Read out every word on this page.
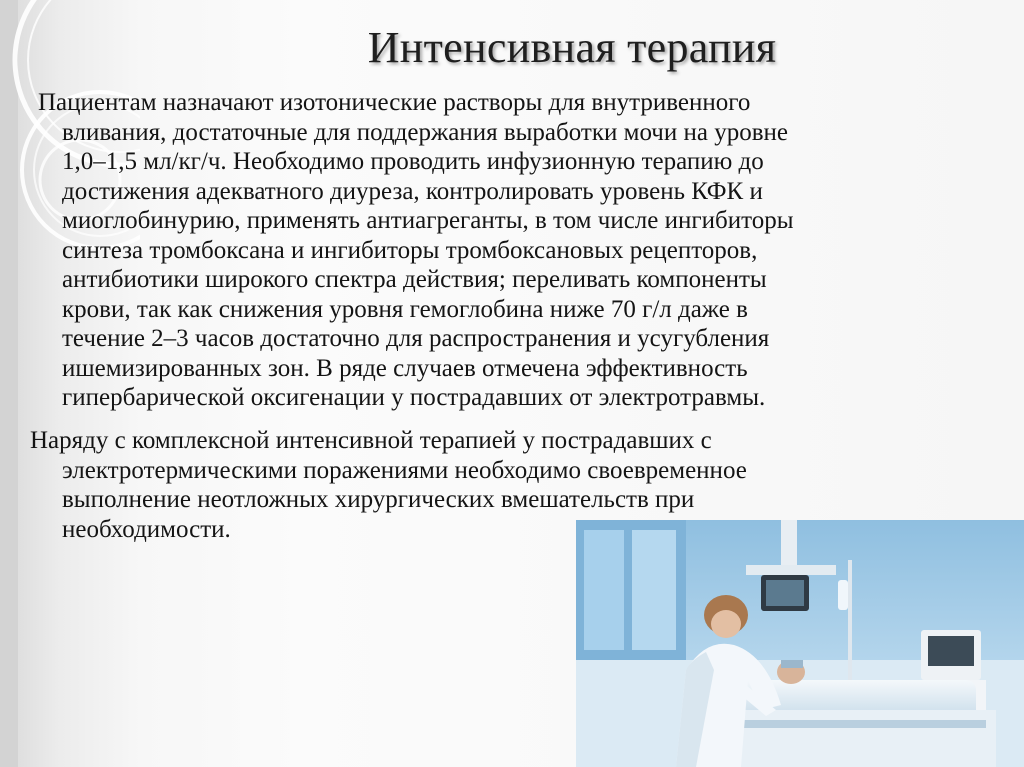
Интенсивная терапия
Пациентам назначают изотонические растворы для внутривенного
вливания, достаточные для поддержания выработки мочи на уровне
1,0–1,5 мл/кг/ч. Необходимо проводить инфузионную терапию до
достижения адекватного диуреза, контролировать уровень КФК и
миоглобинурию, применять антиагреганты, в том числе ингибиторы
синтеза тромбоксана и ингибиторы тромбоксановых рецепторов,
антибиотики широкого спектра действия; переливать компоненты
крови, так как снижения уровня гемоглобина ниже 70 г/л даже в
течение 2–3 часов достаточно для распространения и усугубления
ишемизированных зон. В ряде случаев отмечена эффективность
гипербарической оксигенации у пострадавших от электротравмы.
Наряду с комплексной интенсивной терапией у пострадавших с
электротермическими поражениями необходимо своевременное
выполнение неотложных хирургических вмешательств при
необходимости.
